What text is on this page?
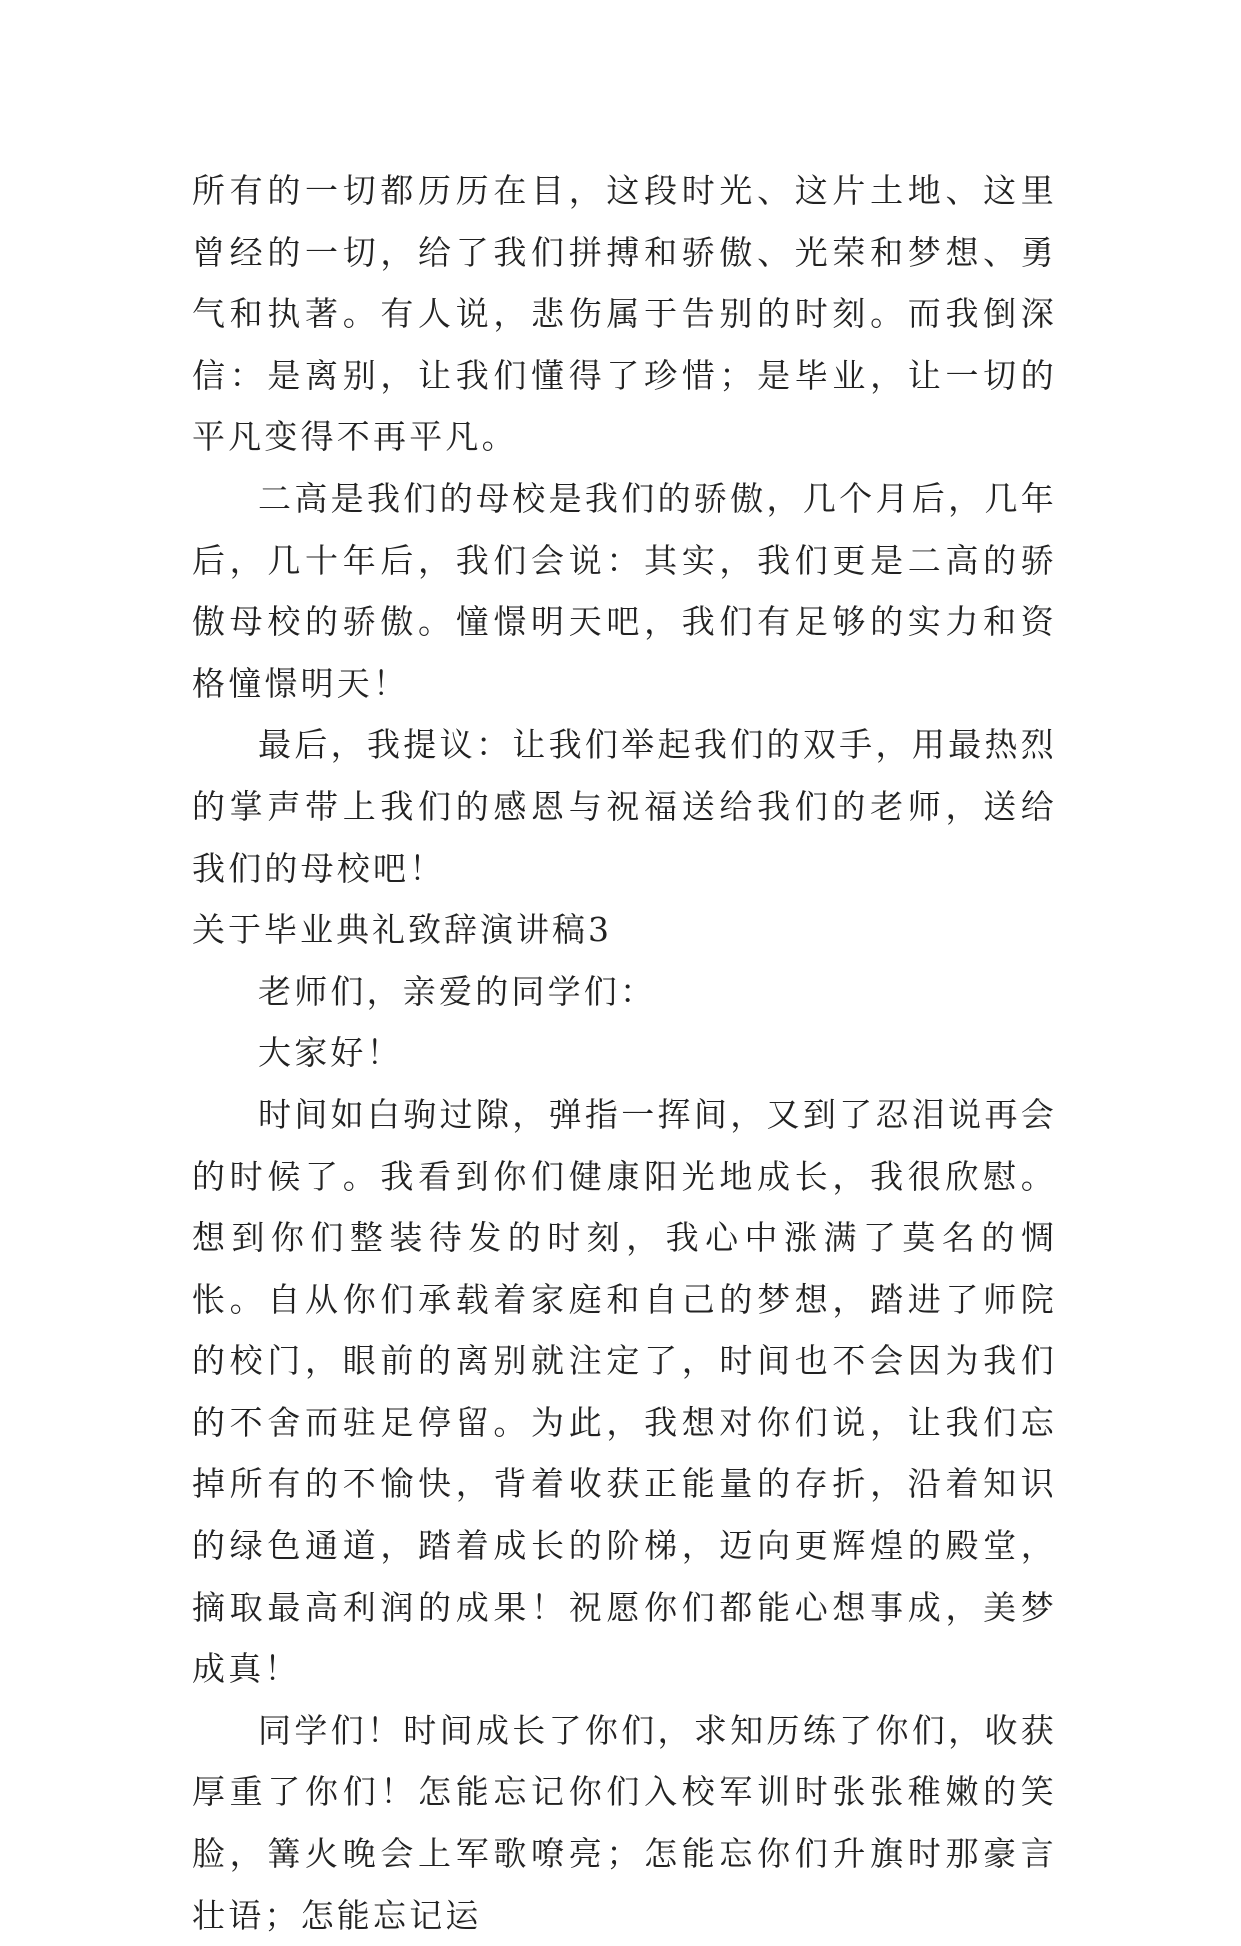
所有的一切都历历在目，这段时光、这片土地、这里曾经的一切，给了我们拼搏和骄傲、光荣和梦想、勇气和执著。有人说，悲伤属于告别的时刻。而我倒深信：是离别，让我们懂得了珍惜；是毕业，让一切的平凡变得不再平凡。

二高是我们的母校是我们的骄傲，几个月后，几年后，几十年后，我们会说：其实，我们更是二高的骄傲母校的骄傲。憧憬明天吧，我们有足够的实力和资格憧憬明天！

最后，我提议：让我们举起我们的双手，用最热烈的掌声带上我们的感恩与祝福送给我们的老师，送给我们的母校吧！

关于毕业典礼致辞演讲稿3

老师们，亲爱的同学们：

大家好！

时间如白驹过隙，弹指一挥间，又到了忍泪说再会的时候了。我看到你们健康阳光地成长，我很欣慰。想到你们整装待发的时刻，我心中涨满了莫名的惆怅。自从你们承载着家庭和自己的梦想，踏进了师院的校门，眼前的离别就注定了，时间也不会因为我们的不舍而驻足停留。为此，我想对你们说，让我们忘掉所有的不愉快，背着收获正能量的存折，沿着知识的绿色通道，踏着成长的阶梯，迈向更辉煌的殿堂，摘取最高利润的成果！祝愿你们都能心想事成，美梦成真！

同学们！时间成长了你们，求知历练了你们，收获厚重了你们！怎能忘记你们入校军训时张张稚嫩的笑脸，篝火晚会上军歌嘹亮；怎能忘你们升旗时那豪言壮语；怎能忘记运
